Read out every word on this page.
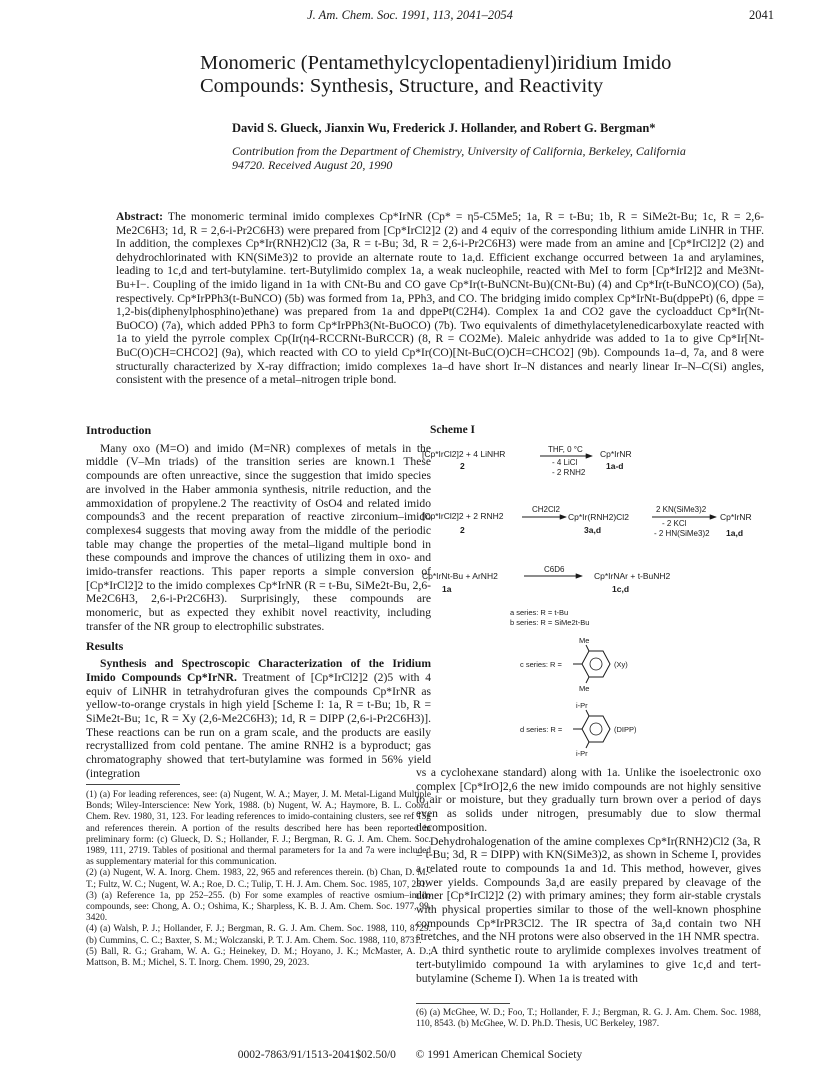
J. Am. Chem. Soc. 1991, 113, 2041–2054	2041
Monomeric (Pentamethylcyclopentadienyl)iridium Imido Compounds: Synthesis, Structure, and Reactivity
David S. Glueck, Jianxin Wu, Frederick J. Hollander, and Robert G. Bergman*
Contribution from the Department of Chemistry, University of California, Berkeley, California 94720. Received August 20, 1990
Abstract: The monomeric terminal imido complexes Cp*IrNR (Cp* = η5-C5Me5; 1a, R = t-Bu; 1b, R = SiMe2t-Bu; 1c, R = 2,6-Me2C6H3; 1d, R = 2,6-i-Pr2C6H3) were prepared from [Cp*IrCl2]2 (2) and 4 equiv of the corresponding lithium amide LiNHR in THF. In addition, the complexes Cp*Ir(RNH2)Cl2 (3a, R = t-Bu; 3d, R = 2,6-i-Pr2C6H3) were made from an amine and [Cp*IrCl2]2 (2) and dehydrochlorinated with KN(SiMe3)2 to provide an alternate route to 1a,d. Efficient exchange occurred between 1a and arylamines, leading to 1c,d and tert-butylamine. tert-Butylimido complex 1a, a weak nucleophile, reacted with MeI to form [Cp*IrI2]2 and Me3Nt-Bu+I−. Coupling of the imido ligand in 1a with CNt-Bu and CO gave Cp*Ir(t-BuNCNt-Bu)(CNt-Bu) (4) and Cp*Ir(t-BuNCO)(CO) (5a), respectively. Cp*IrPPh3(t-BuNCO) (5b) was formed from 1a, PPh3, and CO. The bridging imido complex Cp*IrNt-Bu(dppePt) (6, dppe = 1,2-bis(diphenylphosphino)ethane) was prepared from 1a and dppePt(C2H4). Complex 1a and CO2 gave the cycloadduct Cp*Ir(Nt-BuOCO) (7a), which added PPh3 to form Cp*IrPPh3(Nt-BuOCO) (7b). Two equivalents of dimethylacetylenedicarboxylate reacted with 1a to yield the pyrrole complex Cp(Ir(η4-RCCRNt-BuRCCR) (8, R = CO2Me). Maleic anhydride was added to 1a to give Cp*Ir[Nt-BuC(O)CH=CHCO2] (9a), which reacted with CO to yield Cp*Ir(CO)[Nt-BuC(O)CH=CHCO2] (9b). Compounds 1a–d, 7a, and 8 were structurally characterized by X-ray diffraction; imido complexes 1a–d have short Ir–N distances and nearly linear Ir–N–C(Si) angles, consistent with the presence of a metal–nitrogen triple bond.
Introduction

Many oxo (M=O) and imido (M=NR) complexes of metals in the middle (V–Mn triads) of the transition series are known.1 These compounds are often unreactive, since the suggestion that imido species are involved in the Haber ammonia synthesis, nitrile reduction, and the ammoxidation of propylene.2 The reactivity of OsO4 and related imido compounds3 and the recent preparation of reactive zirconium–imido complexes4 suggests that moving away from the middle of the periodic table may change the properties of the metal–ligand multiple bond in these compounds and improve the chances of utilizing them in oxo- and imido-transfer reactions. This paper reports a simple conversion of [Cp*IrCl2]2 to the imido complexes Cp*IrNR (R = t-Bu, SiMe2t-Bu, 2,6-Me2C6H3, 2,6-i-Pr2C6H3). Surprisingly, these compounds are monomeric, but as expected they exhibit novel reactivity, including transfer of the NR group to electrophilic substrates.

Results

Synthesis and Spectroscopic Characterization of the Iridium Imido Compounds Cp*IrNR. Treatment of [Cp*IrCl2]2 (2)5 with 4 equiv of LiNHR in tetrahydrofuran gives the compounds Cp*IrNR as yellow-to-orange crystals in high yield [Scheme I: 1a, R = t-Bu; 1b, R = SiMe2t-Bu; 1c, R = Xy (2,6-Me2C6H3); 1d, R = DIPP (2,6-i-Pr2C6H3)]. These reactions can be run on a gram scale, and the products are easily recrystallized from cold pentane. The amine RNH2 is a byproduct; gas chromatography showed that tert-butylamine was formed in 56% yield (integration

(1) (a) For leading references, see: (a) Nugent, W. A.; Mayer, J. M. Metal-Ligand Multiple Bonds; Wiley-Interscience: New York, 1988. (b) Nugent, W. A.; Haymore, B. L. Coord. Chem. Rev. 1980, 31, 123. For leading references to imido-containing clusters, see ref 15g and references therein. A portion of the results described here has been reported in preliminary form: (c) Glueck, D. S.; Hollander, F. J.; Bergman, R. G. J. Am. Chem. Soc. 1989, 111, 2719. Tables of positional and thermal parameters for 1a and 7a were included as supplementary material for this communication.

(2) (a) Nugent, W. A. Inorg. Chem. 1983, 22, 965 and references therein. (b) Chan, D. M.-T.; Fultz, W. C.; Nugent, W. A.; Roe, D. C.; Tulip, T. H. J. Am. Chem. Soc. 1985, 107, 251.

(3) (a) Reference 1a, pp 252–255. (b) For some examples of reactive osmium–imido compounds, see: Chong, A. O.; Oshima, K.; Sharpless, K. B. J. Am. Chem. Soc. 1977, 99, 3420.

(4) (a) Walsh, P. J.; Hollander, F. J.; Bergman, R. G. J. Am. Chem. Soc. 1988, 110, 8729. (b) Cummins, C. C.; Baxter, S. M.; Wolczanski, P. T. J. Am. Chem. Soc. 1988, 110, 8731.

(5) Ball, R. G.; Graham, W. A. G.; Heinekey, D. M.; Hoyano, J. K.; McMaster, A. D.; Mattson, B. M.; Michel, S. T. Inorg. Chem. 1990, 29, 2023.

Scheme I
[Cp*IrCl2]2 + 4 LiNHR
2
THF, 0 °C
- 4 LiCl
- 2 RNH2
Cp*IrNR
1a-d
[Cp*IrCl2]2 + 2 RNH2
2
CH2Cl2
Cp*Ir(RNH2)Cl2
3a,d
2 KN(SiMe3)2
- 2 KCl
- 2 HN(SiMe3)2
Cp*IrNR
1a,d
Cp*IrNt-Bu + ArNH2
1a
C6D6
Cp*IrNAr + t-BuNH2
1c,d
a series: R = t-Bu
b series: R = SiMe2t-Bu
c series: R =
Me
Me
(Xy)
d series: R =
i-Pr
i-Pr
(DIPP)

vs a cyclohexane standard) along with 1a. Unlike the isoelectronic oxo complex [Cp*IrO]2,6 the new imido compounds are not highly sensitive to air or moisture, but they gradually turn brown over a period of days even as solids under nitrogen, presumably due to slow thermal decomposition.

Dehydrohalogenation of the amine complexes Cp*Ir(RNH2)Cl2 (3a, R = t-Bu; 3d, R = DIPP) with KN(SiMe3)2, as shown in Scheme I, provides a related route to compounds 1a and 1d. This method, however, gives lower yields. Compounds 3a,d are easily prepared by cleavage of the dimer [Cp*IrCl2]2 (2) with primary amines; they form air-stable crystals with physical properties similar to those of the well-known phosphine compounds Cp*IrPR3Cl2. The IR spectra of 3a,d contain two NH stretches, and the NH protons were also observed in the 1H NMR spectra.

A third synthetic route to arylimide complexes involves treatment of tert-butylimido compound 1a with arylamines to give 1c,d and tert-butylamine (Scheme I). When 1a is treated with

(6) (a) McGhee, W. D.; Foo, T.; Hollander, F. J.; Bergman, R. G. J. Am. Chem. Soc. 1988, 110, 8543. (b) McGhee, W. D. Ph.D. Thesis, UC Berkeley, 1987.
0002-7863/91/1513-2041$02.50/0 © 1991 American Chemical Society
